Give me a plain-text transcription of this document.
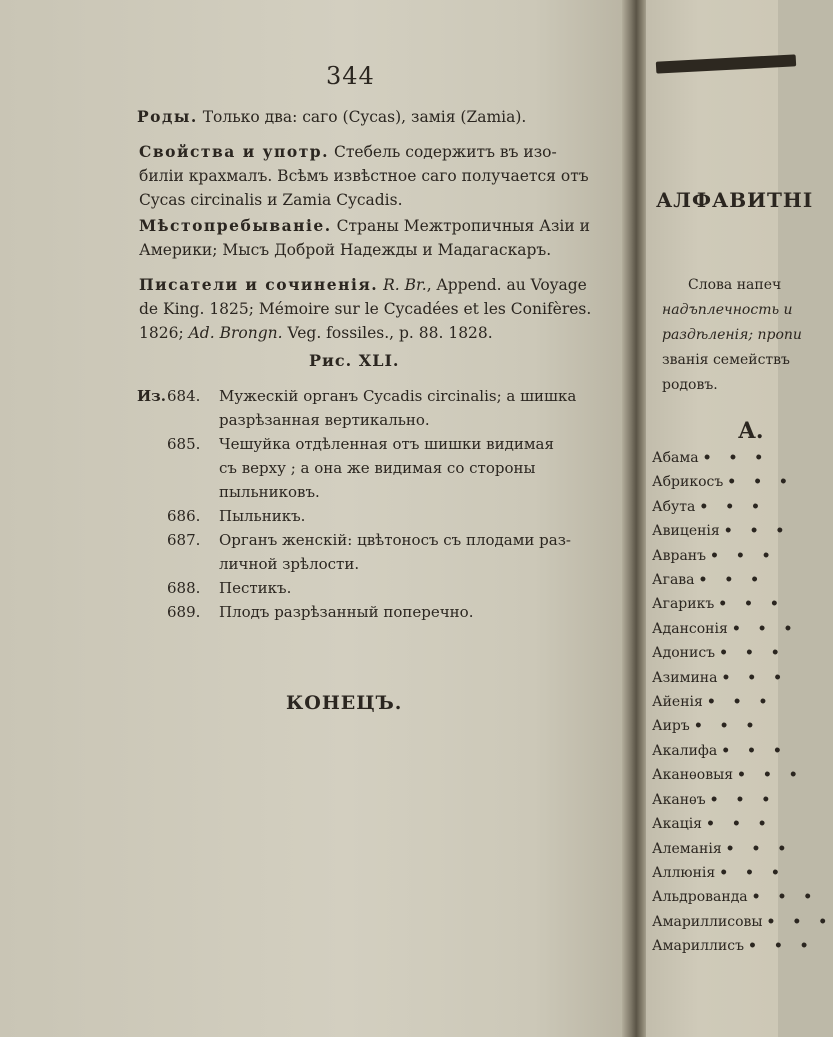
344
Роды. Только два: саго (Cycas), замія (Zamia).
Свойства и употр. Стебель содержитъ въ изо-
биліи крахмалъ. Всѣмъ извѣстное саго получается отъ
Cycas circinalis и Zamia Cycadis.
Мѣстопребываніе. Страны Межтропичныя Азіи и
Америки; Мысъ Доброй Надежды и Мадагаскаръ.
Писатели и сочиненія. R. Br., Append. au Voyage
de King. 1825; Mémoire sur le Cycadées et les Conifères.
1826; Ad. Brongn. Veg. fossiles., p. 88. 1828.
Рис. XLI.
Из.684. Мужескій органъ Cycadis circinalis; а шишка
разрѣзанная вертикально.
685. Чешуйка отдѣленная отъ шишки видимая
съ верху ; а она же видимая со стороны
пыльниковъ.
686. Пыльникъ.
687. Органъ женскій: цвѣтоносъ съ плодами раз-
личной зрѣлости.
688. Пестикъ.
689. Плодъ разрѣзанный поперечно.
КОНЕЦЪ.
АЛФАВИТНІ
Слова напеч
надъплечность и
раздѣленія; пропи
званія семействъ
родовъ.
А.
Абама • • •
Абрикосъ • • •
Абута • • •
Авиценія • • •
Авранъ • • •
Агава • • •
Агарикъ • • •
Адансонія • • •
Адонисъ • • •
Азимина • • •
Айенія • • •
Аиръ • • •
Акалифа • • •
Аканѳовыя • • •
Аканѳъ • • •
Акація • • •
Алеманія • • •
Аллюнія • • •
Альдрованда • • •
Амариллисовы • • •
Амариллисъ • • •
